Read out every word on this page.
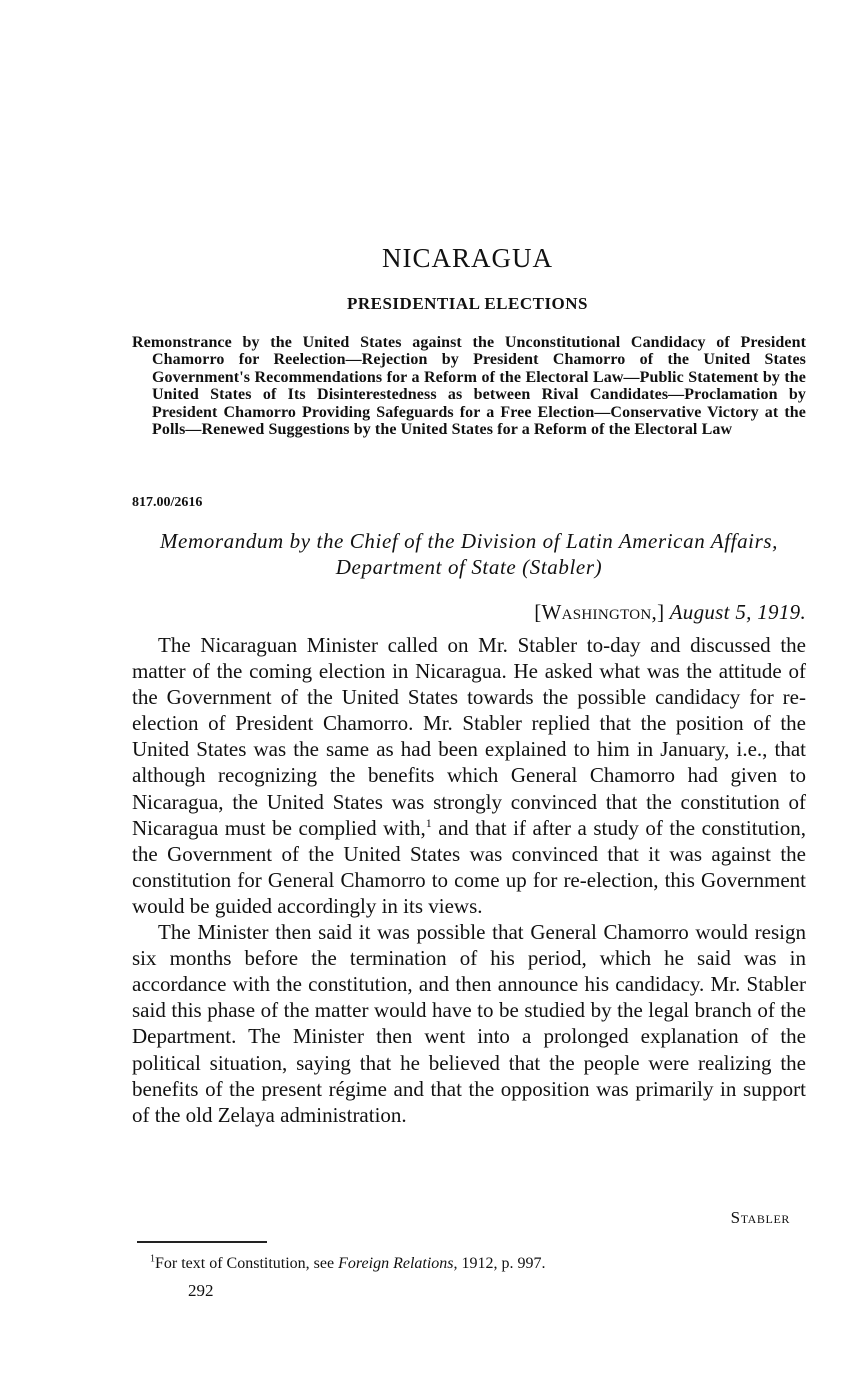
NICARAGUA
PRESIDENTIAL ELECTIONS
Remonstrance by the United States against the Unconstitutional Candidacy of President Chamorro for Reelection—Rejection by President Chamorro of the United States Government's Recommendations for a Reform of the Electoral Law—Public Statement by the United States of Its Disinterestedness as between Rival Candidates—Proclamation by President Chamorro Providing Safeguards for a Free Election—Conservative Victory at the Polls—Renewed Suggestions by the United States for a Reform of the Electoral Law
817.00/2616
Memorandum by the Chief of the Division of Latin American Affairs, Department of State (Stabler)
[Washington,] August 5, 1919.

The Nicaraguan Minister called on Mr. Stabler to-day and discussed the matter of the coming election in Nicaragua. He asked what was the attitude of the Government of the United States towards the possible candidacy for re-election of President Chamorro. Mr. Stabler replied that the position of the United States was the same as had been explained to him in January, i.e., that although recognizing the benefits which General Chamorro had given to Nicaragua, the United States was strongly convinced that the constitution of Nicaragua must be complied with,$^1$ and that if after a study of the constitution, the Government of the United States was convinced that it was against the constitution for General Chamorro to come up for re-election, this Government would be guided accordingly in its views.

The Minister then said it was possible that General Chamorro would resign six months before the termination of his period, which he said was in accordance with the constitution, and then announce his candidacy. Mr. Stabler said this phase of the matter would have to be studied by the legal branch of the Department. The Minister then went into a prolonged explanation of the political situation, saying that he believed that the people were realizing the benefits of the present régime and that the opposition was primarily in support of the old Zelaya administration.

Stabler
$^1$For text of Constitution, see Foreign Relations, 1912, p. 997.
292
